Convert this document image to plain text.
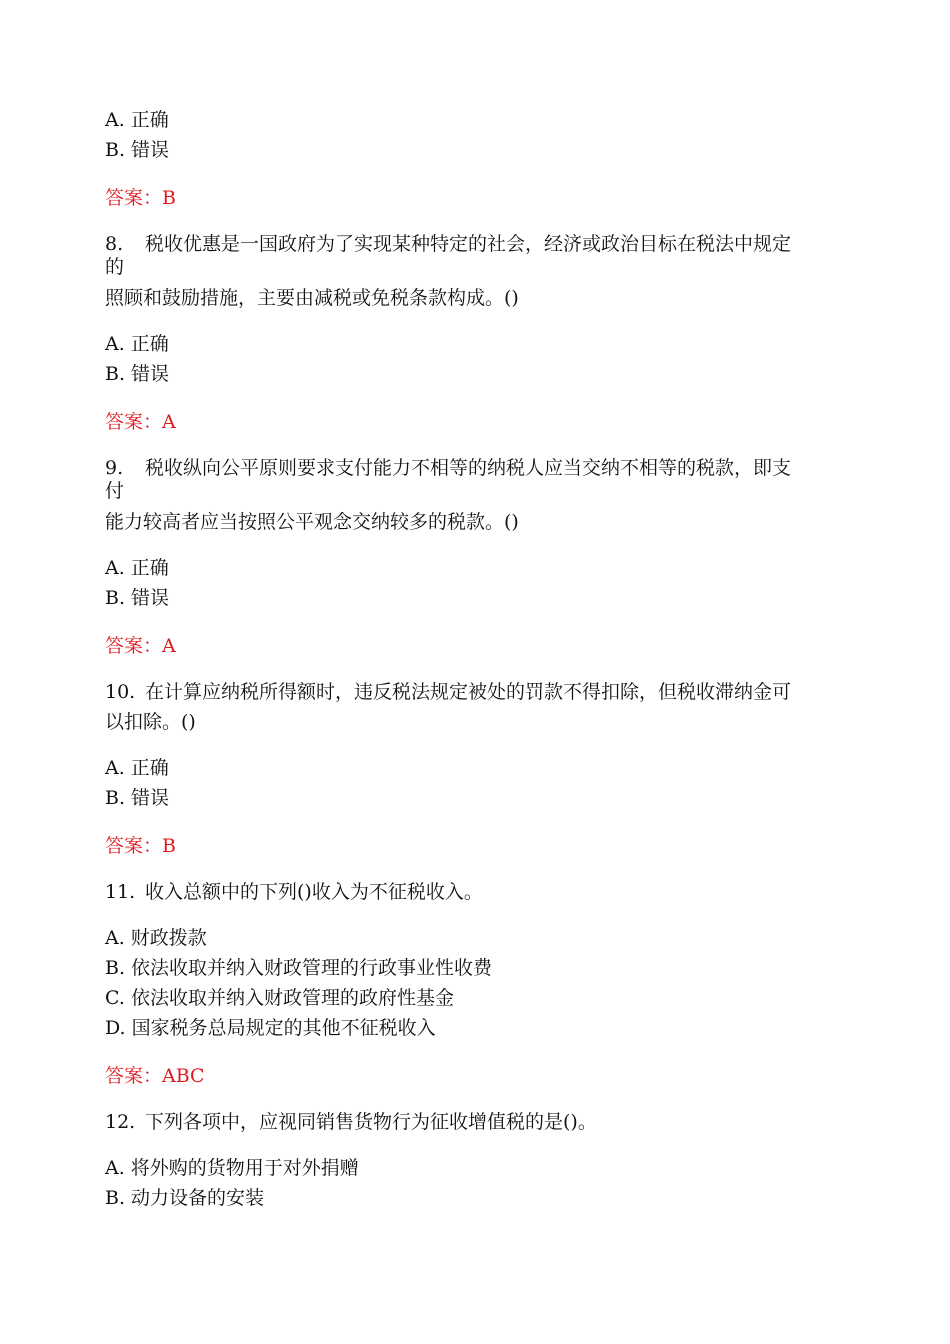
A. 正确
B. 错误
答案：B
8. 税收优惠是一国政府为了实现某种特定的社会，经济或政治目标在税法中规定
的
照顾和鼓励措施，主要由减税或免税条款构成。()
A. 正确
B. 错误
答案：A
9. 税收纵向公平原则要求支付能力不相等的纳税人应当交纳不相等的税款，即支
付
能力较高者应当按照公平观念交纳较多的税款。()
A. 正确
B. 错误
答案：A
10. 在计算应纳税所得额时，违反税法规定被处的罚款不得扣除，但税收滞纳金可
以扣除。()
A. 正确
B. 错误
答案：B
11. 收入总额中的下列()收入为不征税收入。
A. 财政拨款
B. 依法收取并纳入财政管理的行政事业性收费
C. 依法收取并纳入财政管理的政府性基金
D. 国家税务总局规定的其他不征税收入
答案：ABC
12. 下列各项中，应视同销售货物行为征收增值税的是()。
A. 将外购的货物用于对外捐赠
B. 动力设备的安装
